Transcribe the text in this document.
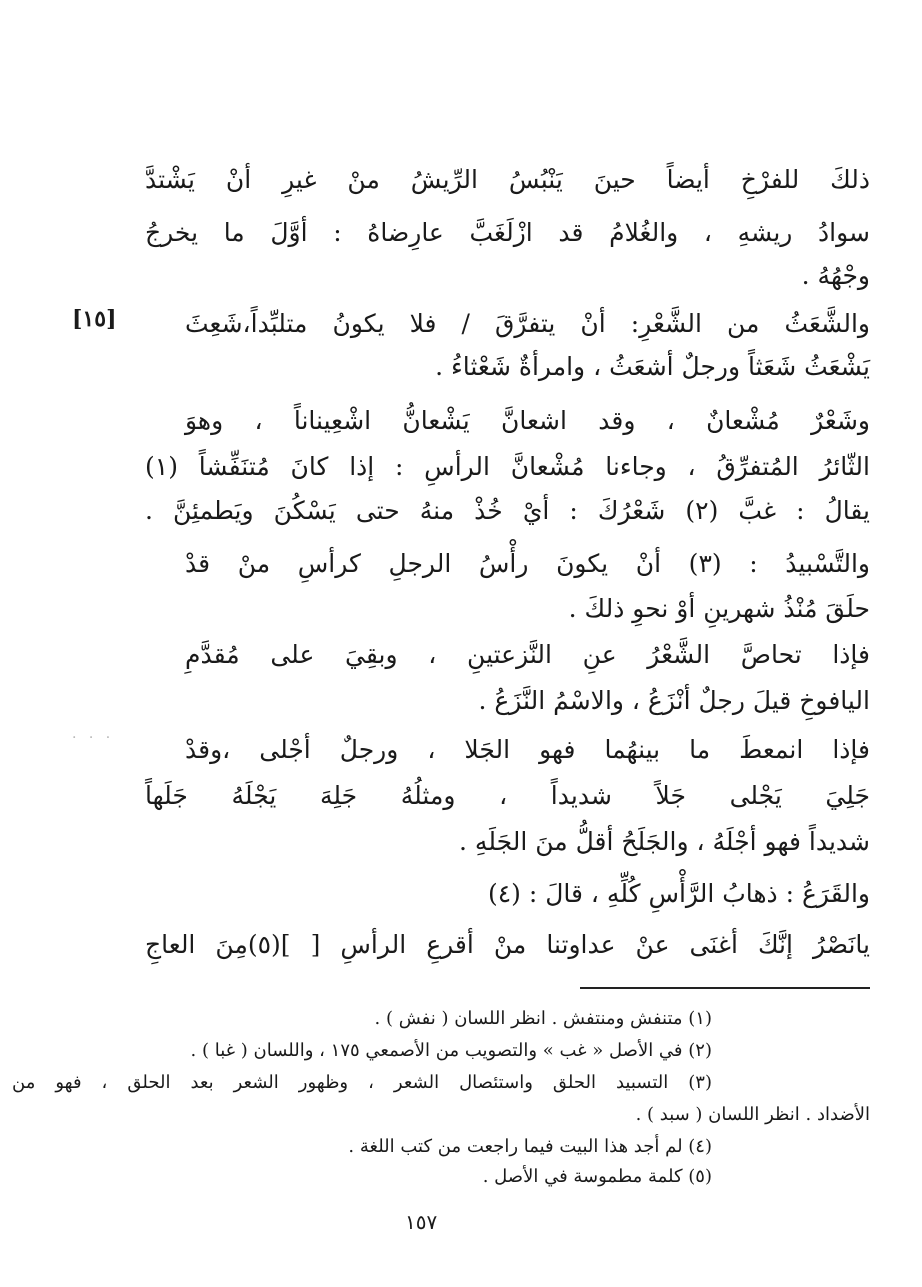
ذلكَ للفرْخِ أيضاً حينَ يَنْبُسُ الرِّيشُ منْ غيرِ أنْ يَشْتدَّ
سوادُ ريشهِ ، والغُلامُ قد ازْلَغَبَّ عارِضاهُ : أوَّلَ ما يخرجُ
وجْهُهُ .
[١٥]	والشَّعَثُ من الشَّعْرِ: أنْ يتفرَّقَ / فلا يكونُ متلبِّداً،شَعِثَ
يَشْعَثُ شَعَثاً ورجلٌ أشعَثُ ، وامرأةٌ شَعْثاءُ .
وشَعْرٌ مُشْعانٌ ، وقد اشعانَّ يَشْعانُّ اشْعِيناناً ، وهوَ
الثّائرُ المُتفرِّقُ ، وجاءنا مُشْعانَّ الرأسِ : إذا كانَ مُتنَفِّشاً (١)
يقالُ : غبَّ (٢) شَعْرُكَ : أيْ خُذْ منهُ حتى يَسْكُنَ ويَطمئِنَّ .
والتَّسْبيدُ : (٣) أنْ يكونَ رأْسُ الرجلِ كرأسِ منْ قدْ
حلَقَ مُنْذُ شهرينِ أوْ نحوِ ذلكَ .
فإذا تحاصَّ الشَّعْرُ عنِ النَّزعتينِ ، وبقِيَ على مُقدَّمِ
اليافوخِ قيلَ رجلٌ أنْزَعُ ، والاسْمُ النَّزَعُ .
· · ·	فإذا انمعطَ ما بينهُما فهو الجَلا ، ورجلٌ أجْلى ،وقدْ
جَلِيَ يَجْلى جَلاً شديداً ، ومثلُهُ جَلِهَ يَجْلَهُ جَلَهاً
شديداً فهو أجْلَهُ ، والجَلَحُ أقلُّ منَ الجَلَهِ .
والقَرَعُ : ذهابُ الرَّأْسِ كُلِّهِ ، قالَ : (٤)
يانَصْرُ إنَّكَ أغنَى عنْ عداوتنا منْ أقرعِ الرأسِ [ ](٥)مِنَ العاجِ
(١) متنفش ومنتفش . انظر اللسان ( نفش ) .
(٢) في الأصل « غب » والتصويب من الأصمعي ١٧٥ ، واللسان ( غبا ) .
(٣) التسبيد الحلق واستئصال الشعر ، وظهور الشعر بعد الحلق ، فهو من
الأضداد . انظر اللسان ( سبد ) .
(٤) لم أجد هذا البيت فيما راجعت من كتب اللغة .
(٥) كلمة مطموسة في الأصل .
١٥٧
